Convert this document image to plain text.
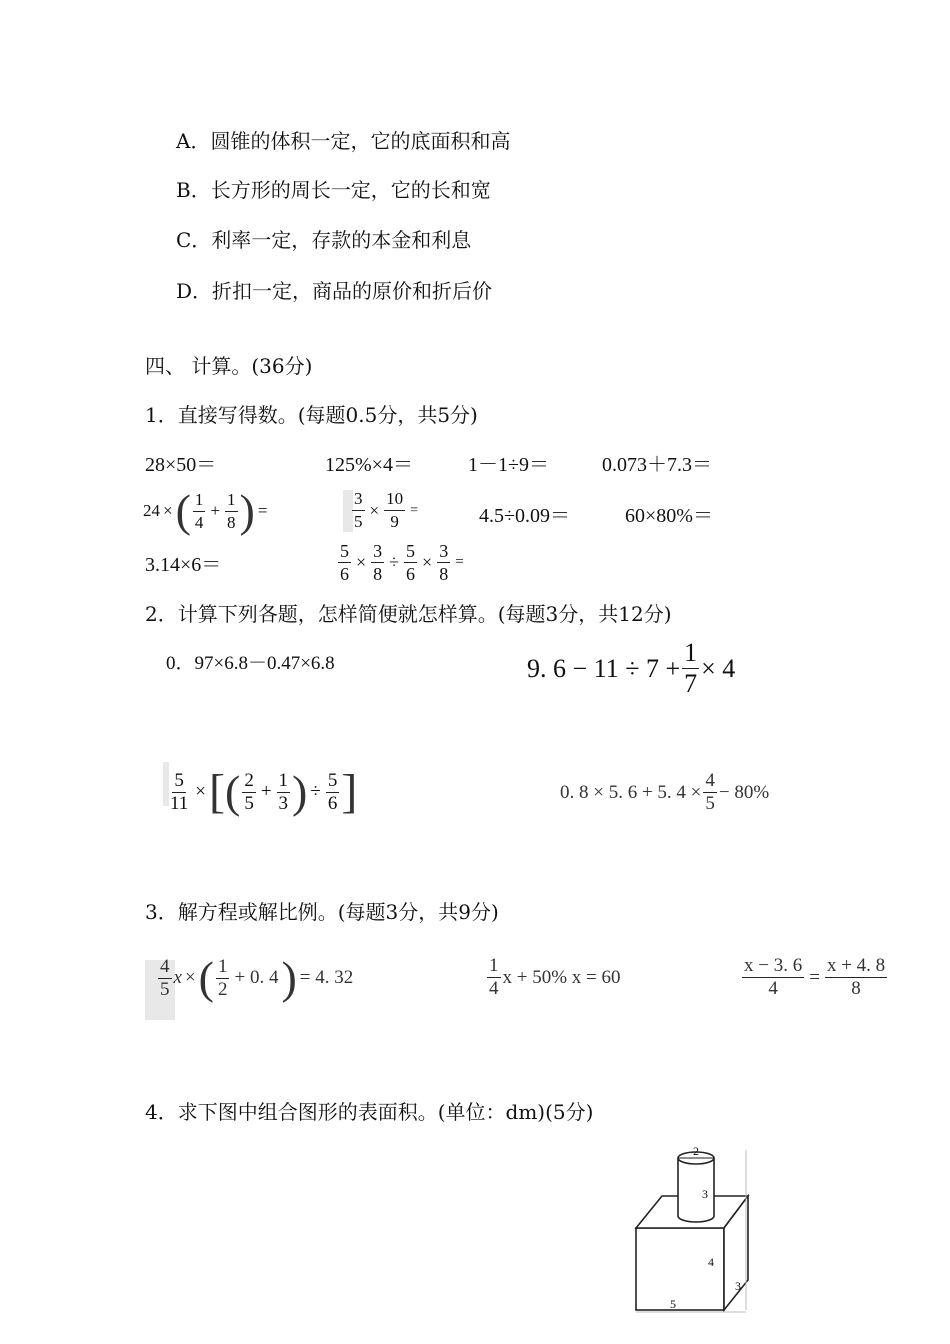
A．圆锥的体积一定，它的底面积和高
B．长方形的周长一定，它的长和宽
C．利率一定，存款的本金和利息
D．折扣一定，商品的原价和折后价
四、 计算。(36分)
1．直接写得数。(每题0.5分，共5分)
28×50＝	125%×4＝	1－1÷9＝	0.073＋7.3＝
24 × ( $\frac{1}{4} + \frac{1}{8}$ ) =	$\frac{3}{5} \times \frac{10}{9}$ =	4.5÷0.09＝	60×80%＝
3.14×6＝	$\frac{5}{6} \times \frac{3}{8} \div \frac{5}{6} \times \frac{3}{8}$ =
2．计算下列各题，怎样简便就怎样算。(每题3分，共12分)
0．97×6.8－0.47×6.8	9. $6 - 11 \div 7 + \frac{1}{7} \times 4$
$\frac{5}{11}$ × [ ( $\frac{2}{5} + \frac{1}{3}$ ) ÷ $\frac{5}{6}$ ]	0. 8 × 5. 6 + 5. $4 \times \frac{4}{5} - 80\%$
3．解方程或解比例。(每题3分，共9分)
$\frac{4}{5}$ x × ( $\frac{1}{2} + 0$. 4 ) = 4. 32	$\frac{1}{4}$ x + 50% x = 60	$\frac{x - 3. 6}{4} = \frac{x + 4. 8}{8}$
4．求下图中组合图形的表面积。(单位：dm)(5分)
2
3
4
3
5
